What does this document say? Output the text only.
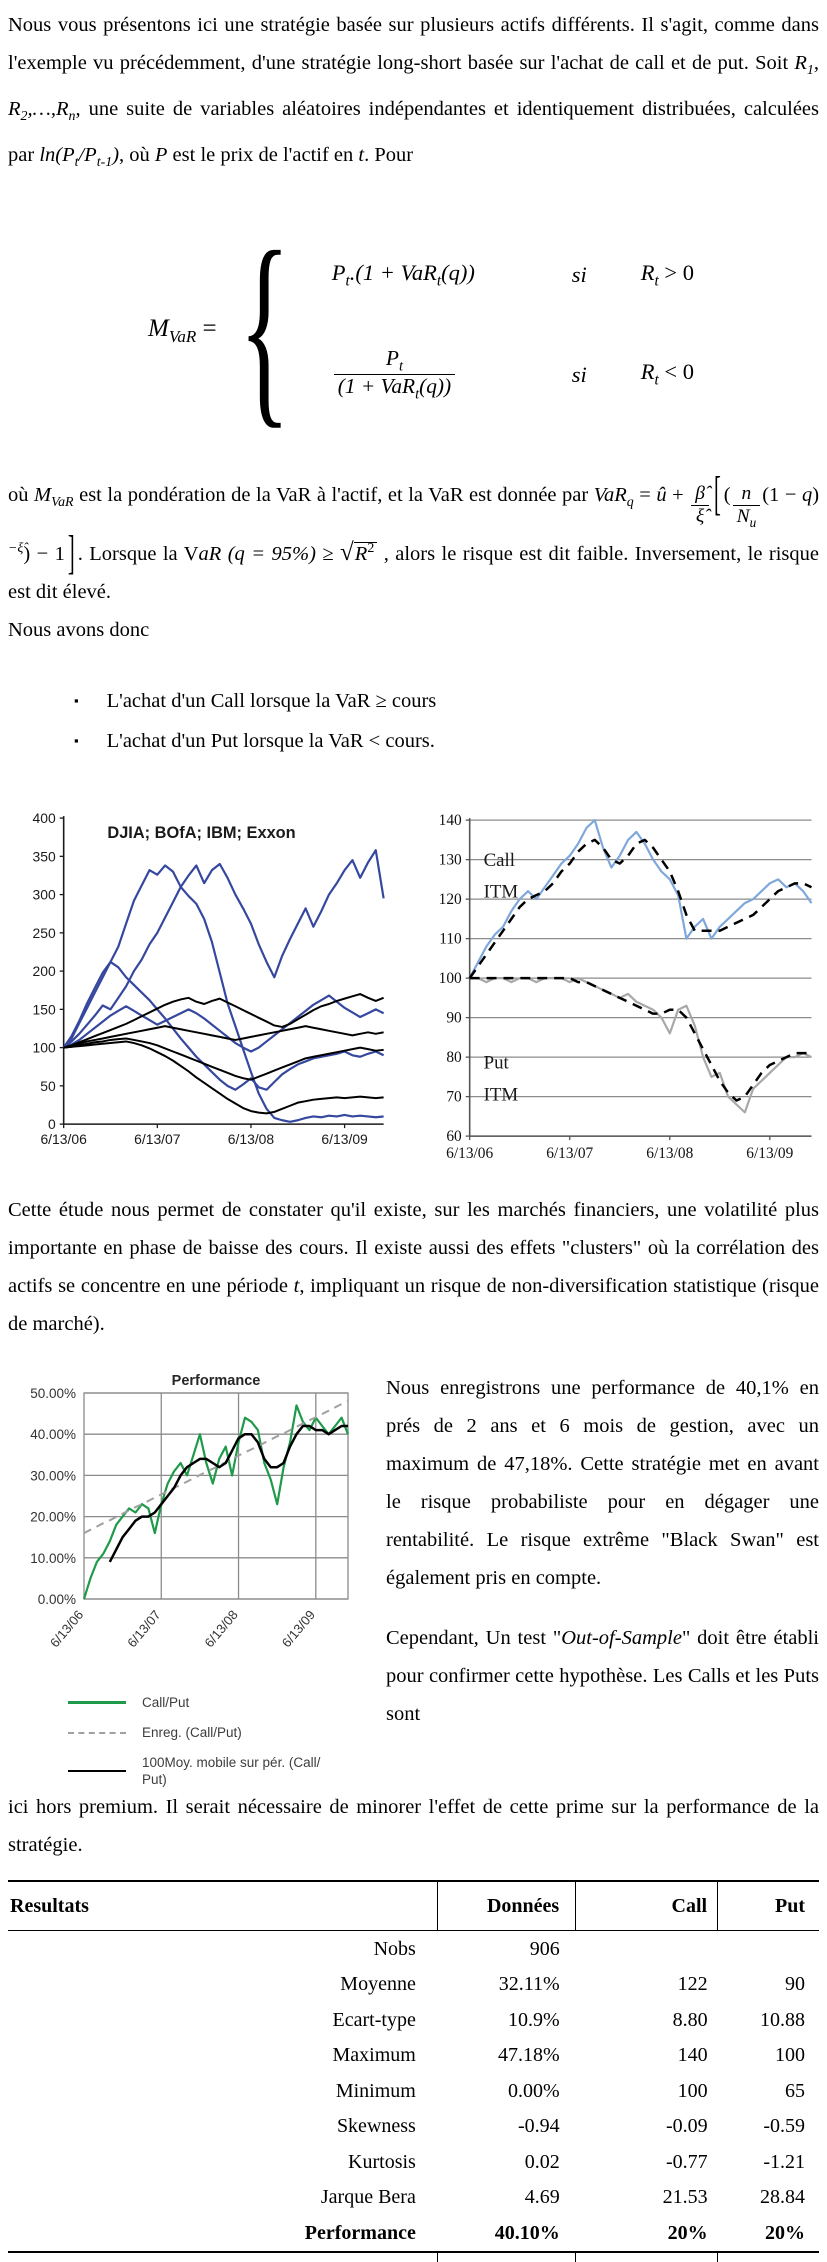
Nous vous présentons ici une stratégie basée sur plusieurs actifs différents. Il s'agit, comme dans l'exemple vu précédemment, d'une stratégie long-short basée sur l'achat de call et de put. Soit $R_1$, $R_2,\dots,R_n$, une suite de variables aléatoires indépendantes et identiquement distribuées, calculées par $\ln(P_t/P_{t-1})$, où P est le prix de l'actif en t. Pour

$M_{VaR}$ = { $P_t.(1 + VaR_t(q))$	si $R_t > 0$
$\frac{P_t}{(1 + VaR_t(q))}$	si $R_t < 0$

où $M_{VaR}$ est la pondération de la VaR à l'actif, et la VaR est donnée par VaR$_q$ = û + $\frac{\betâ}{\xî}$ [ ( $\frac{n}{N_u} (1 - q)^{-\xî}) - 1$ ] . Lorsque la VaR $(q = 95\%) \ge √R^2$ , alors le risque est dit faible. Inversement, le risque est dit élevé.

Nous avons donc

▪ L'achat d'un Call lorsque la VaR ≥ cours
▪ L'achat d'un Put lorsque la VaR < cours.
0
50
100
150
200
250
300
350
400
6/13/06	6/13/07	6/13/08	6/13/09
DJIA; BOfA; IBM; Exxon
60
70
80
90
100
110
120
130
140
6/13/06	6/13/07	6/13/08	6/13/09
Call
ITM
Put
ITM

Cette étude nous permet de constater qu'il existe, sur les marchés financiers, une volatilité plus importante en phase de baisse des cours. Il existe aussi des effets "clusters" où la corrélation des actifs se concentre en une période t, impliquant un risque de non-diversification statistique (risque de marché).

0.00%
10.00%
20.00%
30.00%
40.00%
50.00%
6/13/06	6/13/07	6/13/08	6/13/09
Performance
Call/Put
Enreg. (Call/Put)
100Moy. mobile sur pér. (Call/
Put)

Nous enregistrons une performance de 40,1% en prés de 2 ans et 6 mois de gestion, avec un maximum de 47,18%. Cette stratégie met en avant le risque probabiliste pour en dégager une rentabilité. Le risque extrême "Black Swan" est également pris en compte.

Cependant, Un test "Out-of-Sample" doit être établi pour confirmer cette hypothèse. Les Calls et les Puts sont

ici hors premium. Il serait nécessaire de minorer l'effet de cette prime sur la performance de la stratégie.

Resultats	Données	Call	Put
Nobs	906		
Moyenne	32.11%	122	90
Ecart-type	10.9%	8.80	10.88
Maximum	47.18%	140	100
Minimum	0.00%	100	65
Skewness	-0.94	-0.09	-0.59
Kurtosis	0.02	-0.77	-1.21
Jarque Bera	4.69	21.53	28.84
Performance	40.10%	20%	20%
